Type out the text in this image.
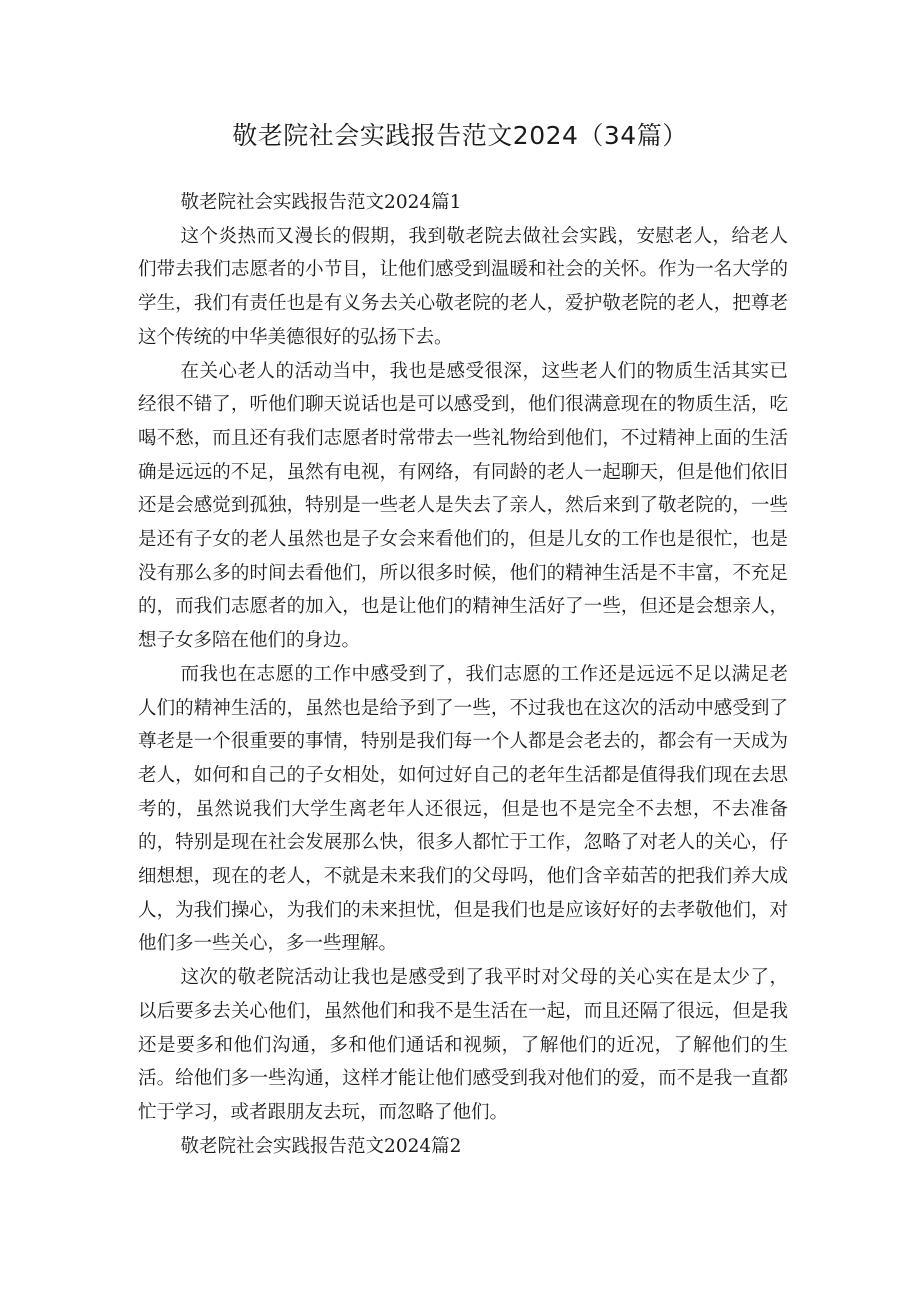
敬老院社会实践报告范文2024（34篇）

敬老院社会实践报告范文2024篇1

这个炎热而又漫长的假期，我到敬老院去做社会实践，安慰老人，给老人们带去我们志愿者的小节目，让他们感受到温暖和社会的关怀。作为一名大学的学生，我们有责任也是有义务去关心敬老院的老人，爱护敬老院的老人，把尊老这个传统的中华美德很好的弘扬下去。

在关心老人的活动当中，我也是感受很深，这些老人们的物质生活其实已经很不错了，听他们聊天说话也是可以感受到，他们很满意现在的物质生活，吃喝不愁，而且还有我们志愿者时常带去一些礼物给到他们，不过精神上面的生活确是远远的不足，虽然有电视，有网络，有同龄的老人一起聊天，但是他们依旧还是会感觉到孤独，特别是一些老人是失去了亲人，然后来到了敬老院的，一些是还有子女的老人虽然也是子女会来看他们的，但是儿女的工作也是很忙，也是没有那么多的时间去看他们，所以很多时候，他们的精神生活是不丰富，不充足的，而我们志愿者的加入，也是让他们的精神生活好了一些，但还是会想亲人，想子女多陪在他们的身边。

而我也在志愿的工作中感受到了，我们志愿的工作还是远远不足以满足老人们的精神生活的，虽然也是给予到了一些，不过我也在这次的活动中感受到了尊老是一个很重要的事情，特别是我们每一个人都是会老去的，都会有一天成为老人，如何和自己的子女相处，如何过好自己的老年生活都是值得我们现在去思考的，虽然说我们大学生离老年人还很远，但是也不是完全不去想，不去准备的，特别是现在社会发展那么快，很多人都忙于工作，忽略了对老人的关心，仔细想想，现在的老人，不就是未来我们的父母吗，他们含辛茹苦的把我们养大成人，为我们操心，为我们的未来担忧，但是我们也是应该好好的去孝敬他们，对他们多一些关心，多一些理解。

这次的敬老院活动让我也是感受到了我平时对父母的关心实在是太少了，以后要多去关心他们，虽然他们和我不是生活在一起，而且还隔了很远，但是我还是要多和他们沟通，多和他们通话和视频，了解他们的近况，了解他们的生活。给他们多一些沟通，这样才能让他们感受到我对他们的爱，而不是我一直都忙于学习，或者跟朋友去玩，而忽略了他们。

敬老院社会实践报告范文2024篇2
